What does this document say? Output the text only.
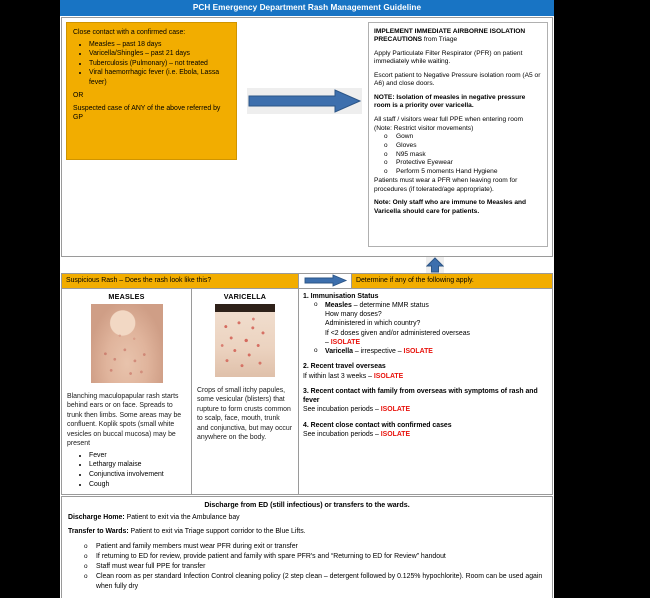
PCH Emergency Department Rash Management Guideline

Close contact with a confirmed case:

• Measles – past 18 days
• Varicella/Shingles – past 21 days
• Tuberculosis (Pulmonary) – not treated
• Viral haemorrhagic fever (i.e. Ebola, Lassa fever)

OR

Suspected case of ANY of the above referred by GP

IMPLEMENT IMMEDIATE AIRBORNE ISOLATION PRECAUTIONS from Triage

Apply Particulate Filter Respirator (PFR) on patient immediately while waiting.

Escort patient to Negative Pressure isolation room (A5 or A6) and close doors.

NOTE: Isolation of measles in negative pressure room is a priority over varicella.

All staff / visitors wear full PPE when entering room (Note: Restrict visitor movements)

o Gown
o Gloves
o N95 mask
o Protective Eyewear
o Perform 5 moments Hand Hygiene

Patients must wear a PFR when leaving room for procedures (if tolerated/age appropriate).

Note: Only staff who are immune to Measles and Varicella should care for patients.

Suspicious Rash – Does the rash look like this?	Determine if any of the following apply.
MEASLES

Blanching maculopapular rash starts behind ears or on face. Spreads to trunk then limbs. Some areas may be confluent. Koplik spots (small white vesicles on buccal mucosa) may be present

• Fever
• Lethargy malaise
• Conjunctiva involvement
• Cough
VARICELLA

Crops of small itchy papules, some vesicular (blisters) that rupture to form crusts common to scalp, face, mouth, trunk and conjunctiva, but may occur anywhere on the body.

1. Immunisation Status
o Measles – determine MMR status
How many doses?
Administered in which country?
If <2 doses given and/or administered overseas
– ISOLATE
o Varicella – irrespective – ISOLATE
2. Recent travel overseas
If within last 3 weeks – ISOLATE
3. Recent contact with family from overseas with symptoms of rash and fever
See incubation periods – ISOLATE
4. Recent close contact with confirmed cases
See incubation periods – ISOLATE
Discharge from ED (still infectious) or transfers to the wards.

Discharge Home: Patient to exit via the Ambulance bay

Transfer to Wards: Patient to exit via Triage support corridor to the Blue Lifts.

o Patient and family members must wear PFR during exit or transfer
o If returning to ED for review, provide patient and family with spare PFR's and “Returning to ED for Review” handout
o Staff must wear full PPE for transfer
o Clean room as per standard Infection Control cleaning policy (2 step clean – detergent followed by 0.125% hypochlorite). Room can be used again when fully dry
